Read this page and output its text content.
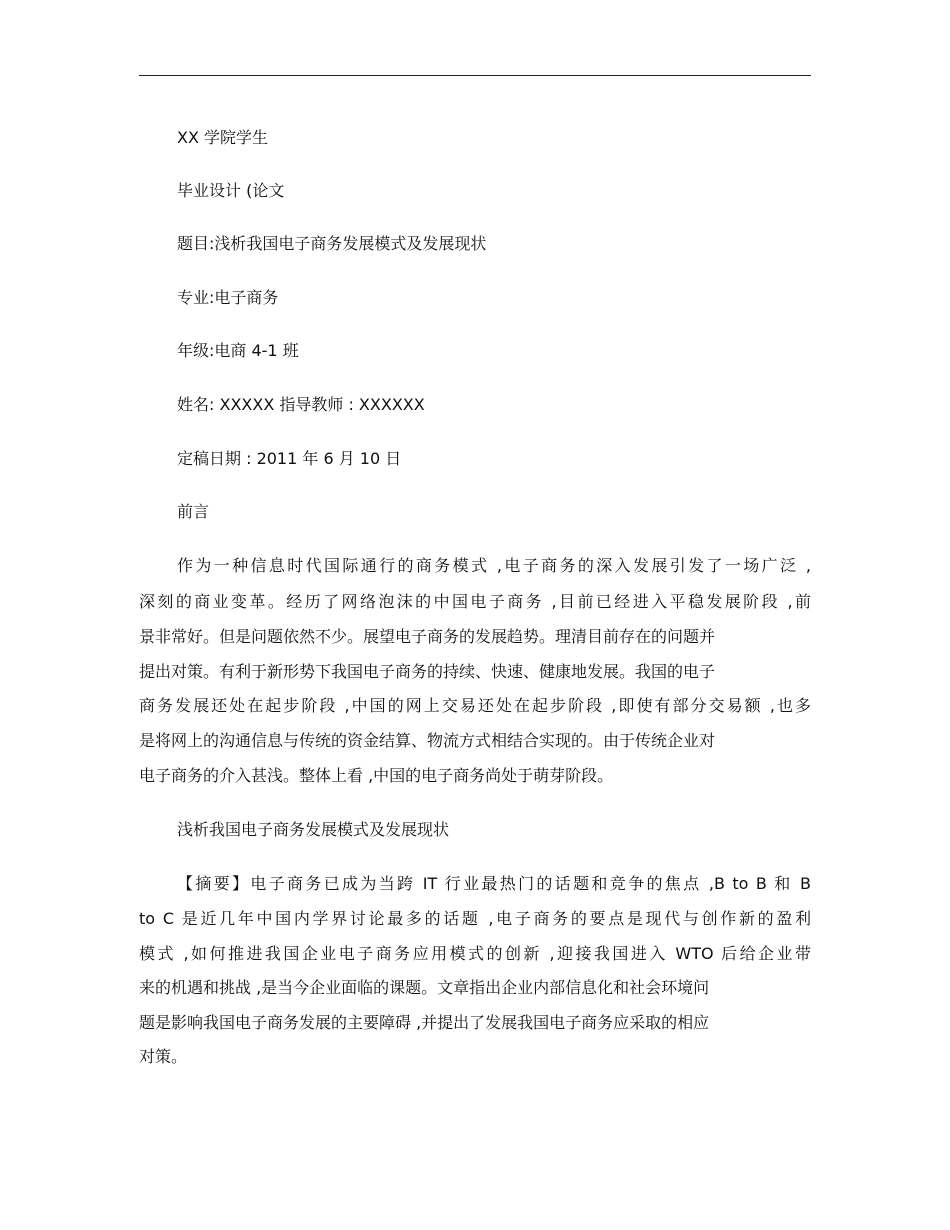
XX 学院学生
毕业设计 (论文
题目:浅析我国电子商务发展模式及发展现状
专业:电子商务
年级:电商 4-1 班
姓名: XXXXX 指导教师 : XXXXXX
定稿日期 : 2011 年 6 月 10 日
前言
作为一种信息时代国际通行的商务模式 ,电子商务的深入发展引发了一场广泛 ,
深刻的商业变革。经历了网络泡沫的中国电子商务 ,目前已经进入平稳发展阶段 ,前
景非常好。但是问题依然不少。展望电子商务的发展趋势。理清目前存在的问题并
提出对策。有利于新形势下我国电子商务的持续、快速、健康地发展。我国的电子
商务发展还处在起步阶段 ,中国的网上交易还处在起步阶段 ,即使有部分交易额 ,也多
是将网上的沟通信息与传统的资金结算、物流方式相结合实现的。由于传统企业对
电子商务的介入甚浅。整体上看 ,中国的电子商务尚处于萌芽阶段。
浅析我国电子商务发展模式及发展现状
【摘要】电子商务已成为当跨 IT 行业最热门的话题和竞争的焦点 ,B to B 和 B
to C 是近几年中国内学界讨论最多的话题 ,电子商务的要点是现代与创作新的盈利
模式 ,如何推进我国企业电子商务应用模式的创新 ,迎接我国进入 WTO 后给企业带
来的机遇和挑战 ,是当今企业面临的课题。文章指出企业内部信息化和社会环境问
题是影响我国电子商务发展的主要障碍 ,并提出了发展我国电子商务应采取的相应
对策。
